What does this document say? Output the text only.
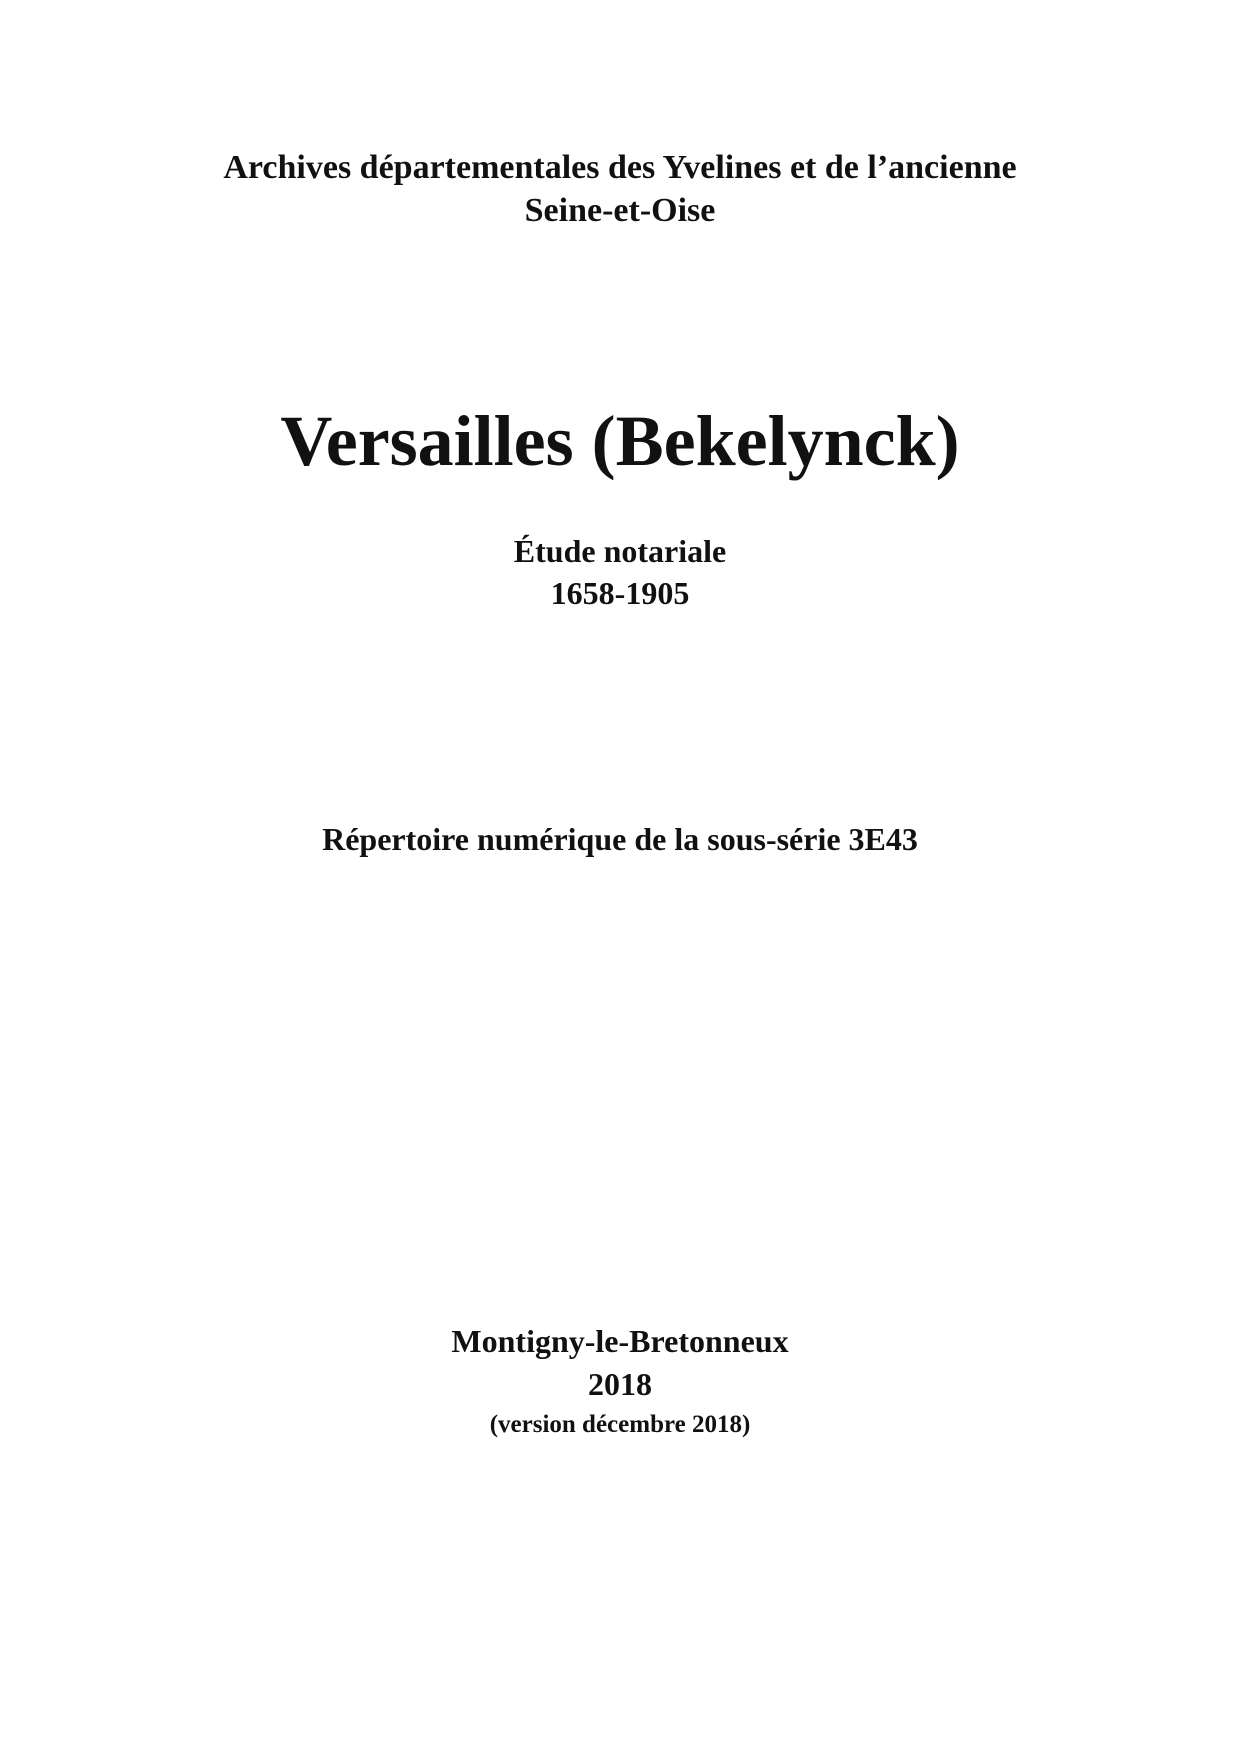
Archives départementales des Yvelines et de l’ancienne
Seine-et-Oise
Versailles (Bekelynck)
Étude notariale
1658-1905
Répertoire numérique de la sous-série 3E43
Montigny-le-Bretonneux
2018
(version décembre 2018)
